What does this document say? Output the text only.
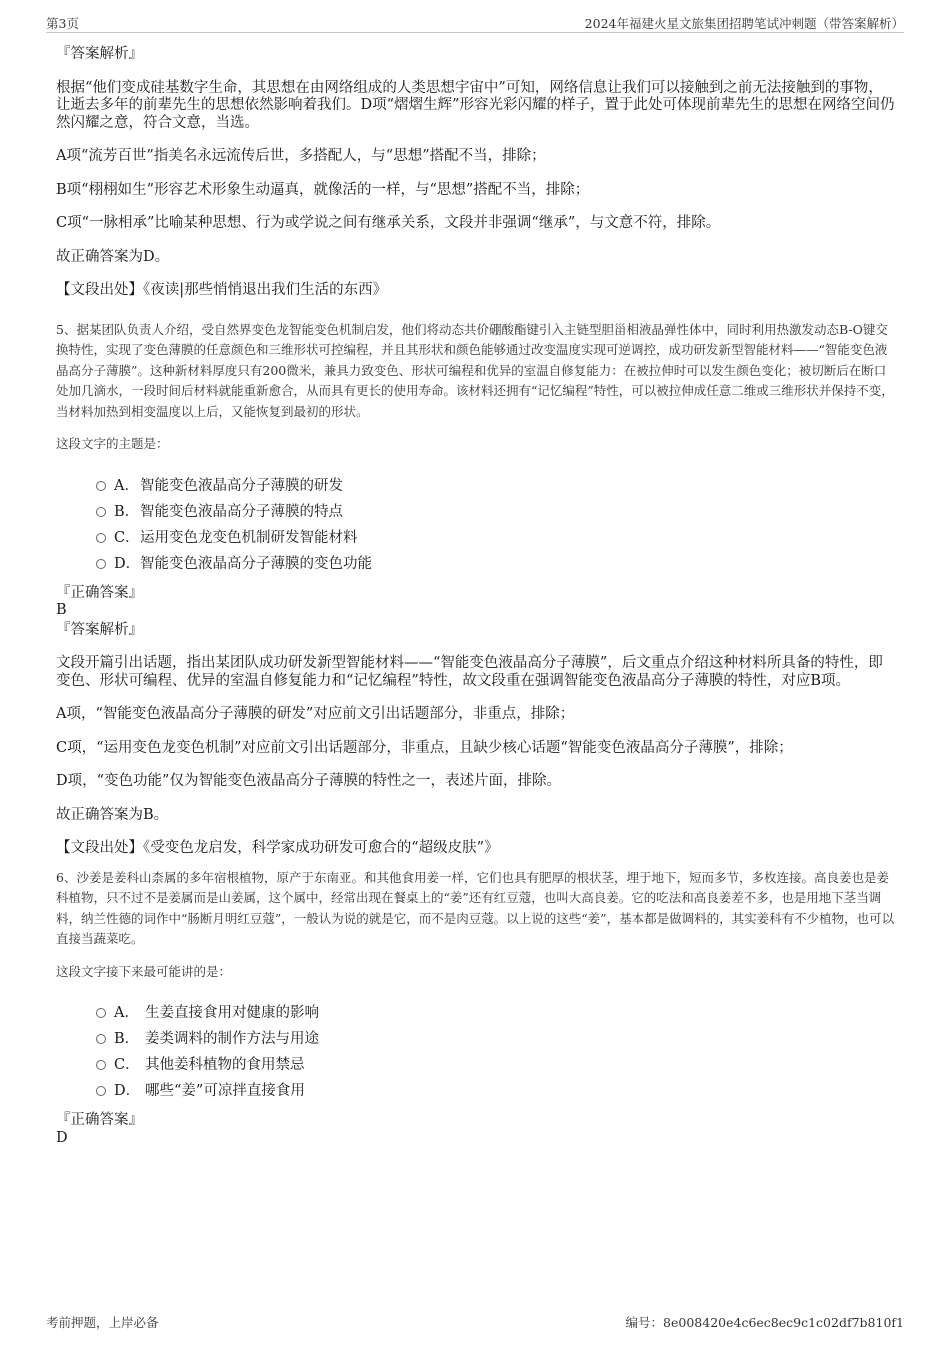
第3页	2024年福建火星文旅集团招聘笔试冲刺题（带答案解析）

『答案解析』

根据“他们变成硅基数字生命，其思想在由网络组成的人类思想宇宙中”可知，网络信息让我们可以接触到之前无法接触到的事物，让逝去多年的前辈先生的思想依然影响着我们。D项“熠熠生辉”形容光彩闪耀的样子，置于此处可体现前辈先生的思想在网络空间仍然闪耀之意，符合文意，当选。

A项“流芳百世”指美名永远流传后世，多搭配人，与“思想”搭配不当，排除；

B项“栩栩如生”形容艺术形象生动逼真，就像活的一样，与“思想”搭配不当，排除；

C项“一脉相承”比喻某种思想、行为或学说之间有继承关系，文段并非强调“继承”，与文意不符，排除。

故正确答案为D。

【文段出处】《夜读|那些悄悄退出我们生活的东西》

5、据某团队负责人介绍，受自然界变色龙智能变色机制启发，他们将动态共价硼酸酯键引入主链型胆甾相液晶弹性体中，同时利用热激发动态B-O键交换特性，实现了变色薄膜的任意颜色和三维形状可控编程，并且其形状和颜色能够通过改变温度实现可逆调控，成功研发新型智能材料——“智能变色液晶高分子薄膜”。这种新材料厚度只有200微米，兼具力致变色、形状可编程和优异的室温自修复能力：在被拉伸时可以发生颜色变化；被切断后在断口处加几滴水，一段时间后材料就能重新愈合，从而具有更长的使用寿命。该材料还拥有“记忆编程”特性，可以被拉伸成任意二维或三维形状并保持不变，当材料加热到相变温度以上后，又能恢复到最初的形状。

这段文字的主题是：

A． 智能变色液晶高分子薄膜的研发
B． 智能变色液晶高分子薄膜的特点
C． 运用变色龙变色机制研发智能材料
D． 智能变色液晶高分子薄膜的变色功能

『正确答案』

B

『答案解析』

文段开篇引出话题，指出某团队成功研发新型智能材料——“智能变色液晶高分子薄膜”，后文重点介绍这种材料所具备的特性，即变色、形状可编程、优异的室温自修复能力和“记忆编程”特性，故文段重在强调智能变色液晶高分子薄膜的特性，对应B项。

A项，“智能变色液晶高分子薄膜的研发”对应前文引出话题部分，非重点，排除；

C项，“运用变色龙变色机制”对应前文引出话题部分，非重点，且缺少核心话题“智能变色液晶高分子薄膜”，排除；

D项，“变色功能”仅为智能变色液晶高分子薄膜的特性之一，表述片面，排除。

故正确答案为B。

【文段出处】《受变色龙启发，科学家成功研发可愈合的“超级皮肤”》

6、沙姜是姜科山柰属的多年宿根植物，原产于东南亚。和其他食用姜一样，它们也具有肥厚的根状茎，埋于地下，短而多节，多枚连接。高良姜也是姜科植物，只不过不是姜属而是山姜属，这个属中，经常出现在餐桌上的“姜”还有红豆蔻，也叫大高良姜。它的吃法和高良姜差不多，也是用地下茎当调料，纳兰性德的词作中“肠断月明红豆蔻”，一般认为说的就是它，而不是肉豆蔻。以上说的这些“姜”，基本都是做调料的，其实姜科有不少植物，也可以直接当蔬菜吃。

这段文字接下来最可能讲的是：

A． 生姜直接食用对健康的影响
B． 姜类调料的制作方法与用途
C． 其他姜科植物的食用禁忌
D． 哪些“姜”可凉拌直接食用

『正确答案』

D

考前押题，上岸必备	编号：8e008420e4c6ec8ec9c1c02df7b810f1
